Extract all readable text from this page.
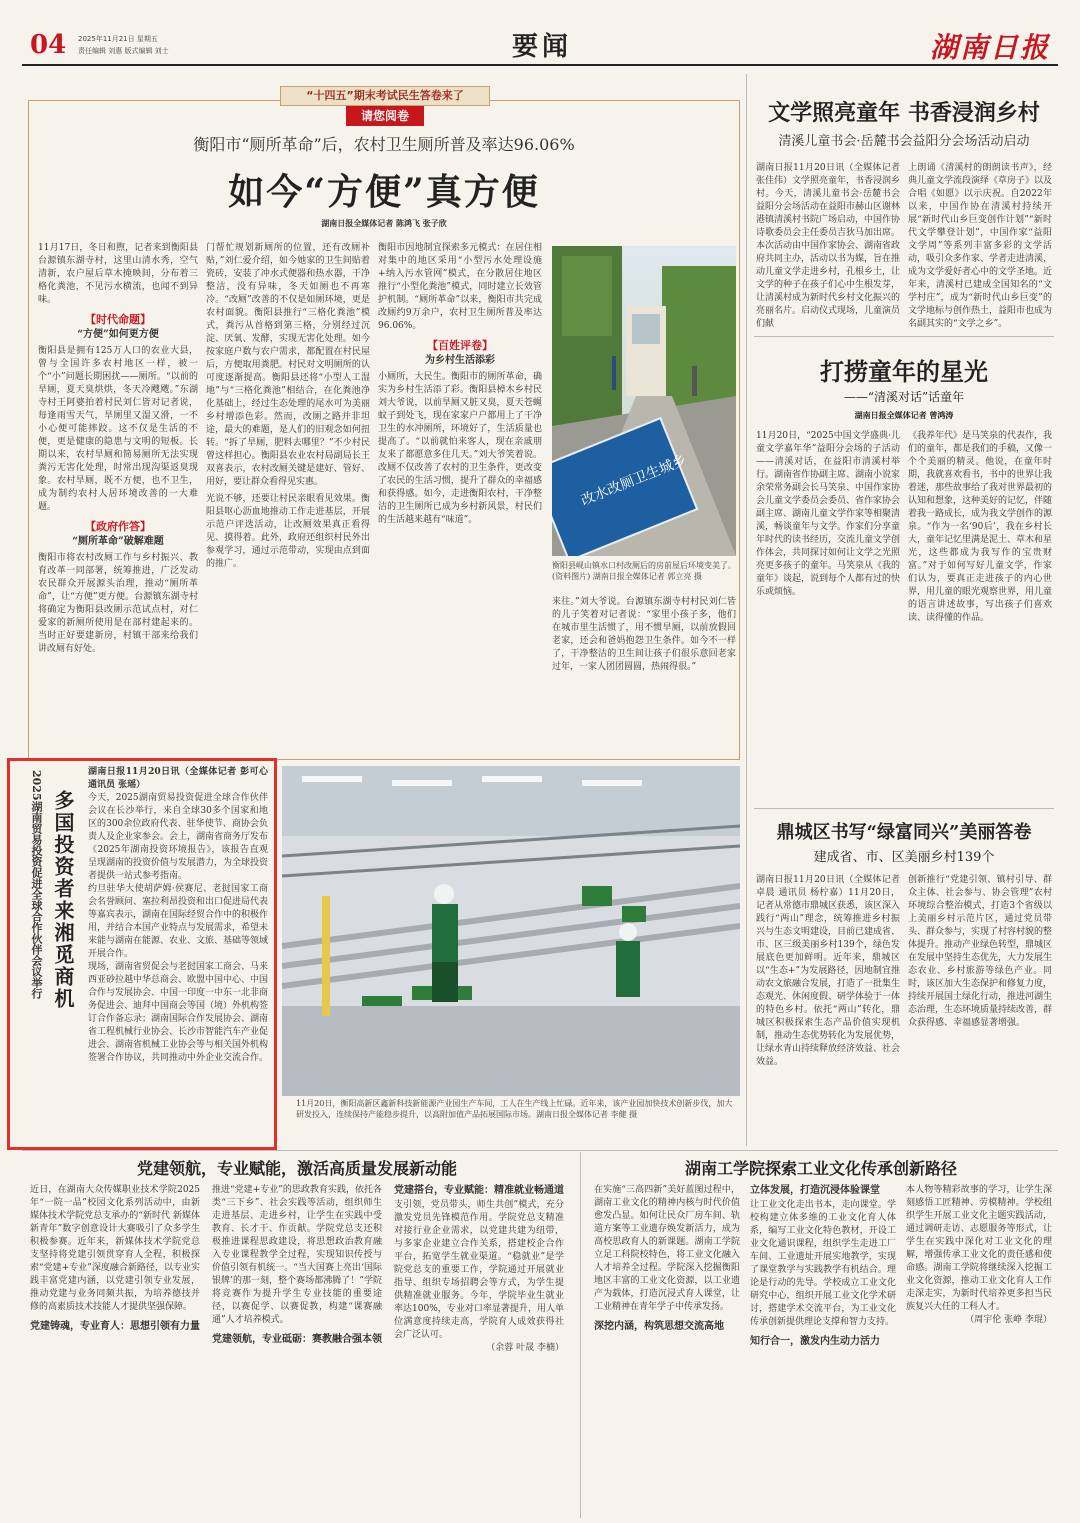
04 2025年11月21日 星期五
责任编辑 刘惠 版式编辑 刘士	要闻	湖南日报
“十四五”期末考试民生答卷来了
请您阅卷
衡阳市“厕所革命”后，农村卫生厕所普及率达96.06%
如今“方便”真方便
湖南日报全媒体记者 陈鸿飞 张子欣

11月17日，冬日和煦，记者来到衡阳县台源镇东湖寺村，这里山清水秀，空气清新，农户屋后草木掩映间，分布着三格化粪池，不见污水横流，也闻不到异味。

【时代命题】

“方便”如何更方便

衡阳县是拥有125万人口的农业大县，曾与全国许多农村地区一样，被一个“小”问题长期困扰——厕所。“以前的旱厕，夏天臭烘烘，冬天冷飕飕。”东湖寺村王阿婆拍着村民刘仁皆对记者说，每逢雨雪天气，旱厕里又湿又滑，一不小心便可能摔跤。这不仅是生活的不便，更是健康的隐患与文明的短板。长期以来，农村旱厕和简易厕所无法实现粪污无害化处理，时常出现沟渠返臭现象。农村旱厕，既不方便，也不卫生，成为制约农村人居环境改善的一大难题。

【政府作答】

“厕所革命”破解难题

衡阳市将农村改厕工作与乡村振兴、教育改革一同部署，统筹推进，广泛发动农民群众开展源头治理，推动“厕所革命”，让“方便”更方便。台源镇东湖寺村将确定为衡阳县改厕示范试点村，对仁爱家的新厕所使用是在部村建起来的。当时正好要建新房，村镇干部来给我们讲改厕有好处。

门帮忙规划新厕所的位置，还有改厕补贴，”刘仁爱介绍，如今她家的卫生间贴着瓷砖，安装了冲水式便器和热水器，干净整洁，没有异味，冬天如厕也不再寒冷。“改厕”改善的不仅是如厕环境，更是农村面貌。衡阳县推行“三格化粪池”模式，粪污从首格到第三格，分别经过沉淀、厌氧、发酵，实现无害化处理。如今按家庭户数与农户需求，都配置在村民屋后，方便取用粪肥。村民对文明厕所的认可度逐渐提高。衡阳县还将“小型人工湿地”与“三格化粪池”相结合，在化粪池净化基础上，经过生态处理的尾水可为美丽乡村增添色彩。然而，改厕之路并非坦途，最大的难题，是人们的旧观念如何扭转。“拆了旱厕，肥料去哪里？”不少村民曾这样担心。衡阳县农业农村局副局长王双喜表示，农村改厕关键是建好、管好、用好，要让群众看得见实惠。

光说不够，还要让村民亲眼看见效果。衡阳县呕心沥血地推动工作走进基层，开展示范户评选活动，让改厕效果真正看得见、摸得着。此外，政府还组织村民外出参观学习，通过示范带动，实现由点到面的推广。

衡阳市因地制宜探索多元模式：在居住相对集中的地区采用“小型污水处理设施+纳入污水管网”模式，在分散居住地区推行“小型化粪池”模式，同时建立长效管护机制。“厕所革命”以来，衡阳市共完成改厕约9万余户，农村卫生厕所普及率达96.06%。

【百姓评卷】

为乡村生活添彩

小厕所，大民生。衡阳市的厕所革命，确实为乡村生活添了彩。衡阳县樟木乡村民刘大爷说，以前旱厕又脏又臭，夏天苍蝇蚊子到处飞，现在家家户户都用上了干净卫生的水冲厕所，环境好了，生活质量也提高了。“以前就怕来客人，现在亲戚朋友来了都愿意多住几天。”刘大爷笑着说。改厕不仅改善了农村的卫生条件，更改变了农民的生活习惯，提升了群众的幸福感和获得感。如今，走进衡阳农村，干净整洁的卫生厕所已成为乡村新风景，村民们的生活越来越有“味道”。

改水改厕卫生城乡
衡阳县岘山镇水口村改厕后的房前屋后环境变美了。(资料图片) 湖南日报全媒体记者 郭立亮 摄

来往。”刘大爷说。台源镇东湖寺村村民刘仁皆的儿子笑着对记者说：“家里小孩子多，他们在城市里生活惯了，用不惯旱厕，以前放假回老家，还会和爸妈抱怨卫生条件。如今不一样了，干净整洁的卫生间让孩子们很乐意回老家过年，一家人团团圆圆，热闹得很。”

2025湖南贸易投资促进全球合作伙伴会议举行 多国投资者来湘觅商机

湖南日报11月20日讯（全媒体记者 彭可心 通讯员 张瑶）

今天，2025湖南贸易投资促进全球合作伙伴会议在长沙举行，来自全球30多个国家和地区的300余位政府代表、驻华使节、商协会负责人及企业家参会。会上，湖南省商务厅发布《2025年湖南投资环境报告》，该报告直观呈现湖南的投资价值与发展潜力，为全球投资者提供一站式参考指南。
约旦驻华大使胡萨姆·侯赛尼、老挝国家工商会名誉顾问、塞拉利昂投资和出口促进局代表等嘉宾表示，湖南在国际经贸合作中的积极作用，并结合本国产业特点与发展需求，希望未来能与湖南在能源、农业、文旅、基础等领域开展合作。
现场，湖南省贸促会与老挝国家工商会、马来西亚砂拉越中华总商会、欧盟中国中心、中国合作与发展协会、中国一印度一中东一北非商务促进会、迪拜中国商会等国（境）外机构签订合作备忘录；湖南国际合作发展协会、湖南省工程机械行业协会、长沙市智能汽车产业促进会、湖南省机械工业协会等与相关国外机构签署合作协议，共同推动中外企业交流合作。

11月20日，衡阳高新区鑫新科技新能源产业园生产车间，工人在生产线上忙碌。近年来，该产业园加快技术创新步伐，加大研发投入，连续保持产能稳步提升，以高附加值产品拓展国际市场。湖南日报全媒体记者 李健 摄
文学照亮童年 书香浸润乡村
清溪儿童书会·岳麓书会益阳分会场活动启动
湖南日报11月20日讯（全媒体记者 张佳伟）文学照亮童年，书香浸润乡村。今天，清溪儿童书会·岳麓书会益阳分会场活动在益阳市赫山区谢林港镇清溪村书院广场启动，中国作协诗歌委员会主任委员吉狄马加出席。本次活动由中国作家协会、湖南省政府共同主办，活动以书为媒，旨在推动儿童文学走进乡村，孔根乡土，让文学的种子在孩子们心中生根发芽，让清溪村成为新时代乡村文化振兴的亮丽名片。启动仪式现场，儿童演员们献
上朗诵《清溪村的朗朗读书声》，经典儿童文学流段演绎《草房子》以及合唱《如愿》以示庆祝。自2022年以来，中国作协在清溪村持续开展“新时代山乡巨变创作计划”“新时代文学攀登计划”，中国作家“益阳文学周”等系列丰富多彩的文学活动，吸引众多作家、学者走进清溪，成为文学爱好者心中的文学圣地。近年来，清溪村已建成全国知名的“文学村庄”，成为“新时代山乡巨变”的文学地标与创作热土，益阳市也成为名副其实的“文学之乡”。
打捞童年的星光
——“清溪对话”话童年
湖南日报全媒体记者 曾鸿涛
11月20日，“2025中国文学盛典·儿童文学嘉年华”益阳分会场的子活动——清溪对话，在益阳市清溪村举行。湖南省作协副主席、湖南小说家余荣常务副会长马笑泉、中国作家协会儿童文学委员会委员、省作家协会副主席、湖南儿童文学作家等相聚清溪，畅谈童年与文学。作家们分享童年时代的读书经历，交流儿童文学创作体会，共同探讨如何让文学之光照亮更多孩子的童年。马笑泉从《我的童年》谈起，说到每个人都有过的快乐或烦恼。
《我养年代》是马笑泉的代表作，我们的童年，都是我们的手稿，又像一个个美丽的精灵。他说，在童年时期，我就喜欢看书，书中的世界让我着迷，那些故事给了我对世界最初的认知和想象，这种美好的记忆，伴随着我一路成长，成为我文学创作的源泉。“作为一名‘90后’，我在乡村长大，童年记忆里满是泥土、草木和星光，这些都成为我写作的宝贵财富。”对于如何写好儿童文学，作家们认为，要真正走进孩子的内心世界，用儿童的眼光观察世界，用儿童的语言讲述故事，写出孩子们喜欢读、读得懂的作品。
鼎城区书写“绿富同兴”美丽答卷
建成省、市、区美丽乡村139个
湖南日报11月20日讯（全媒体记者 卓晨 通讯员 杨柠嘉）11月20日，记者从常德市鼎城区获悉，该区深入践行“两山”理念，统筹推进乡村振兴与生态文明建设，目前已建成省、市、区三级美丽乡村139个，绿色发展底色更加鲜明。近年来，鼎城区以“生态+”为发展路径，因地制宜推动农文旅融合发展，打造了一批集生态观光、休闲度假、研学体验于一体的特色乡村。依托“两山”转化，鼎城区积极探索生态产品价值实现机制，推动生态优势转化为发展优势，让绿水青山持续释放经济效益、社会效益。
创新推行“党建引领、镇村引导、群众主体、社会参与、协会管理”农村环境综合整治模式，打造3个省级以上美丽乡村示范片区，通过党员带头、群众参与，实现了村容村貌的整体提升。推动产业绿色转型，鼎城区在发展中坚持生态优先，大力发展生态农业、乡村旅游等绿色产业。同时，该区加大生态保护和修复力度，持续开展国土绿化行动，推进河湖生态治理，生态环境质量持续改善，群众获得感、幸福感显著增强。
党建领航，专业赋能，激活高质量发展新动能

近日，在湖南大众传媒职业技术学院2025年“一院一品”校园文化系列活动中，由新媒体技术学院党总支承办的“新时代 新媒体 新青年”数字创意设计大赛吸引了众多学生积极参赛。近年来，新媒体技术学院党总支坚持将党建引领贯穿育人全程，积极探索“党建+专业”深度融合新路径，以专业实践丰富党建内涵，以党建引领专业发展，推动党建与业务同频共振，为培养德技并修的高素质技术技能人才提供坚强保障。

党建铸魂，专业育人：思想引领有力量

推进“党建+专业”的思政教育实践，依托各类“三下乡”、社会实践等活动，组织师生走进基层、走进乡村，让学生在实践中受教育、长才干、作贡献。学院党总支还积极推进课程思政建设，将思想政治教育融入专业课程教学全过程，实现知识传授与价值引领有机统一。“当大国赛上亮出‘国际银牌’的那一刻，整个赛场都沸腾了！”学院将竞赛作为提升学生专业技能的重要途径，以赛促学、以赛促教，构建“课赛融通”人才培养模式。

党建领航，专业砥砺：赛教融合强本领

党建搭台，专业赋能：精准就业畅通道

支引领，党员带头，师生共创”模式，充分激发党员先锋模范作用。学院党总支精准对接行业企业需求，以党建共建为纽带，与多家企业建立合作关系，搭建校企合作平台，拓宽学生就业渠道。“稳就业”是学院党总支的重要工作，学院通过开展就业指导、组织专场招聘会等方式，为学生提供精准就业服务。今年，学院毕业生就业率达100%，专业对口率显著提升，用人单位满意度持续走高，学院育人成效获得社会广泛认可。

（余蓉 叶晟 李楠）

湖南工学院探索工业文化传承创新路径

在实施“三高四新”美好蓝图过程中，湖南工业文化的精神内核与时代价值愈发凸显。如何让民众厂房车间、轨道方案等工业遗存焕发新活力，成为高校思政育人的新课题。湖南工学院立足工科院校特色，将工业文化融入人才培养全过程。学院深入挖掘衡阳地区丰富的工业文化资源，以工业遗产为载体，打造沉浸式育人课堂，让工业精神在青年学子中传承发扬。

深挖内涵，构筑思想交流高地

立体发展，打造沉浸体验课堂

让工业文化走出书本，走向课堂。学校构建立体多维的工业文化育人体系，编写工业文化特色教材，开设工业文化通识课程，组织学生走进工厂车间、工业遗址开展实地教学，实现了课堂教学与实践教学有机结合。理论是行动的先导。学校成立工业文化研究中心，组织开展工业文化学术研讨，搭建学术交流平台，为工业文化传承创新提供理论支撑和智力支持。

知行合一，激发内生动力活力

本人物等精彩故事的学习，让学生深刻感悟工匠精神、劳模精神。学校组织学生开展工业文化主题实践活动，通过调研走访、志愿服务等形式，让学生在实践中深化对工业文化的理解，增强传承工业文化的责任感和使命感。湖南工学院将继续深入挖掘工业文化资源，推动工业文化育人工作走深走实，为新时代培养更多担当民族复兴大任的工科人才。

（周宇伦 张峥 李琨）
